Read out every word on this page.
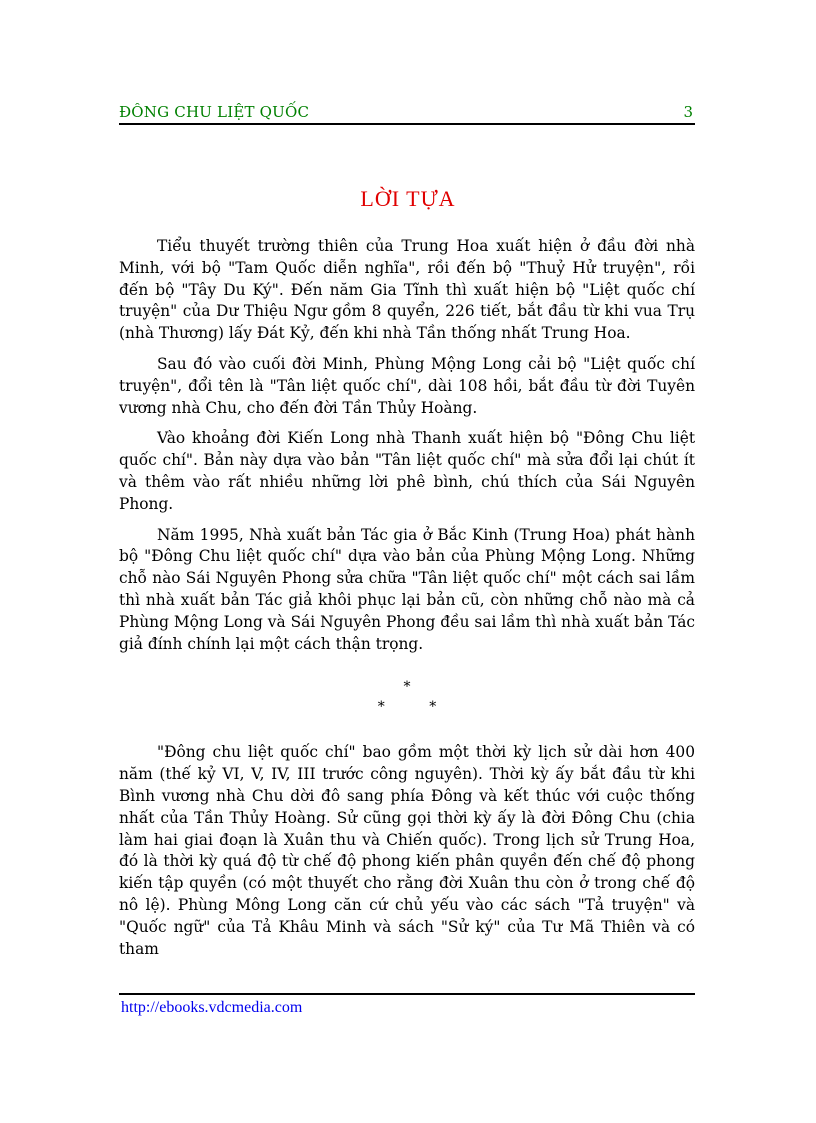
ĐÔNG CHU LIỆT QUỐC	3
LỜI TỰA

Tiểu thuyết trường thiên của Trung Hoa xuất hiện ở đầu đời nhà Minh, với bộ "Tam Quốc diễn nghĩa", rồi đến bộ "Thuỷ Hử truyện", rồi đến bộ "Tây Du Ký". Đến năm Gia Tĩnh thì xuất hiện bộ "Liệt quốc chí truyện" của Dư Thiệu Ngư gồm 8 quyển, 226 tiết, bắt đầu từ khi vua Trụ (nhà Thương) lấy Đát Kỷ, đến khi nhà Tần thống nhất Trung Hoa.

Sau đó vào cuối đời Minh, Phùng Mộng Long cải bộ "Liệt quốc chí truyện", đổi tên là "Tân liệt quốc chí", dài 108 hồi, bắt đầu từ đời Tuyên vương nhà Chu, cho đến đời Tần Thủy Hoàng.

Vào khoảng đời Kiến Long nhà Thanh xuất hiện bộ "Đông Chu liệt quốc chí". Bản này dựa vào bản "Tân liệt quốc chí" mà sửa đổi lại chút ít và thêm vào rất nhiều những lời phê bình, chú thích của Sái Nguyên Phong.

Năm 1995, Nhà xuất bản Tác gia ở Bắc Kinh (Trung Hoa) phát hành bộ "Đông Chu liệt quốc chí" dựa vào bản của Phùng Mộng Long. Những chỗ nào Sái Nguyên Phong sửa chữa "Tân liệt quốc chí" một cách sai lầm thì nhà xuất bản Tác giả khôi phục lại bản cũ, còn những chỗ nào mà cả Phùng Mộng Long và Sái Nguyên Phong đều sai lầm thì nhà xuất bản Tác giả đính chính lại một cách thận trọng.

*
* *

"Đông chu liệt quốc chí" bao gồm một thời kỳ lịch sử dài hơn 400 năm (thế kỷ VI, V, IV, III trước công nguyên). Thời kỳ ấy bắt đầu từ khi Bình vương nhà Chu dời đô sang phía Đông và kết thúc với cuộc thống nhất của Tần Thủy Hoàng. Sử cũng gọi thời kỳ ấy là đời Đông Chu (chia làm hai giai đoạn là Xuân thu và Chiến quốc). Trong lịch sử Trung Hoa, đó là thời kỳ quá độ từ chế độ phong kiến phân quyền đến chế độ phong kiến tập quyền (có một thuyết cho rằng đời Xuân thu còn ở trong chế độ nô lệ). Phùng Mông Long căn cứ chủ yếu vào các sách "Tả truyện" và "Quốc ngữ" của Tả Khâu Minh và sách "Sử ký" của Tư Mã Thiên và có tham

http://ebooks.vdcmedia.com
